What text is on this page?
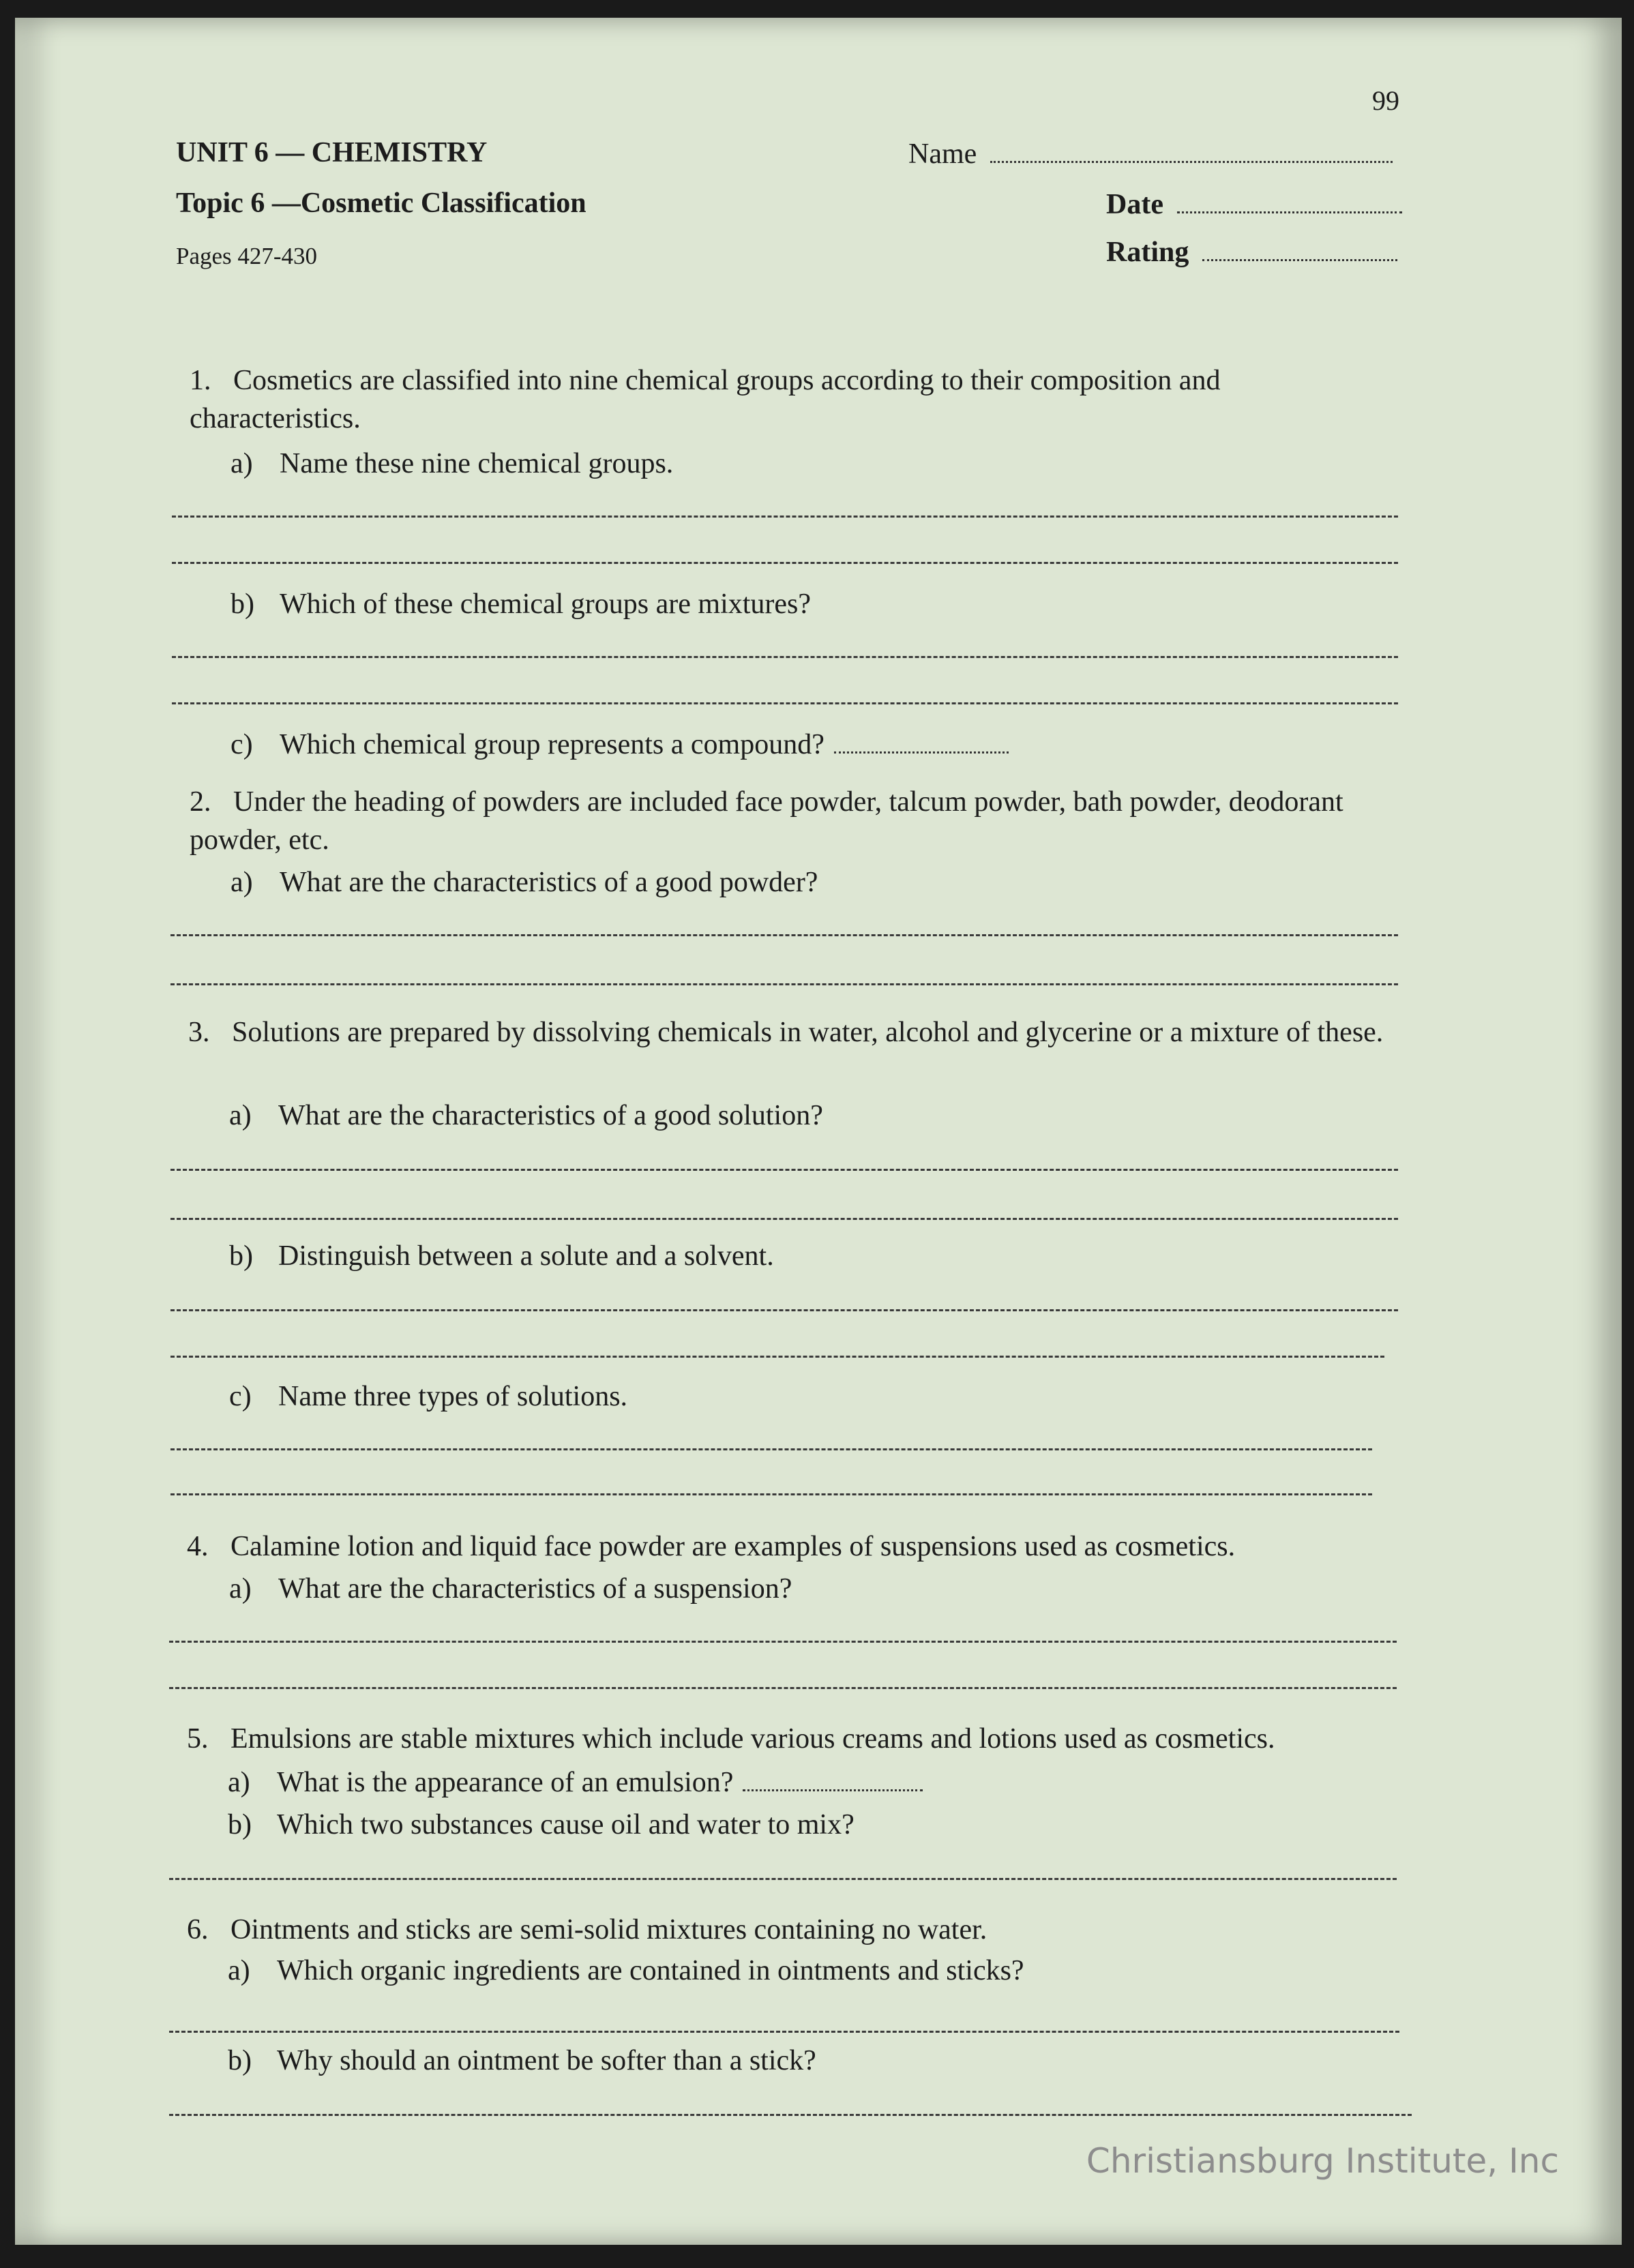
99
UNIT 6 — CHEMISTRY
Topic 6 —Cosmetic Classification
Pages 427-430
Name
Date
Rating
1. Cosmetics are classified into nine chemical groups according to their composition and characteristics.
a) Name these nine chemical groups.
b) Which of these chemical groups are mixtures?
c) Which chemical group represents a compound?
2. Under the heading of powders are included face powder, talcum powder, bath powder, deodorant powder, etc.
a) What are the characteristics of a good powder?
3. Solutions are prepared by dissolving chemicals in water, alcohol and glycerine or a mixture of these.
a) What are the characteristics of a good solution?
b) Distinguish between a solute and a solvent.
c) Name three types of solutions.
4. Calamine lotion and liquid face powder are examples of suspensions used as cosmetics.
a) What are the characteristics of a suspension?
5. Emulsions are stable mixtures which include various creams and lotions used as cosmetics.
a) What is the appearance of an emulsion?
b) Which two substances cause oil and water to mix?
6. Ointments and sticks are semi-solid mixtures containing no water.
a) Which organic ingredients are contained in ointments and sticks?
b) Why should an ointment be softer than a stick?
Christiansburg Institute, Inc
